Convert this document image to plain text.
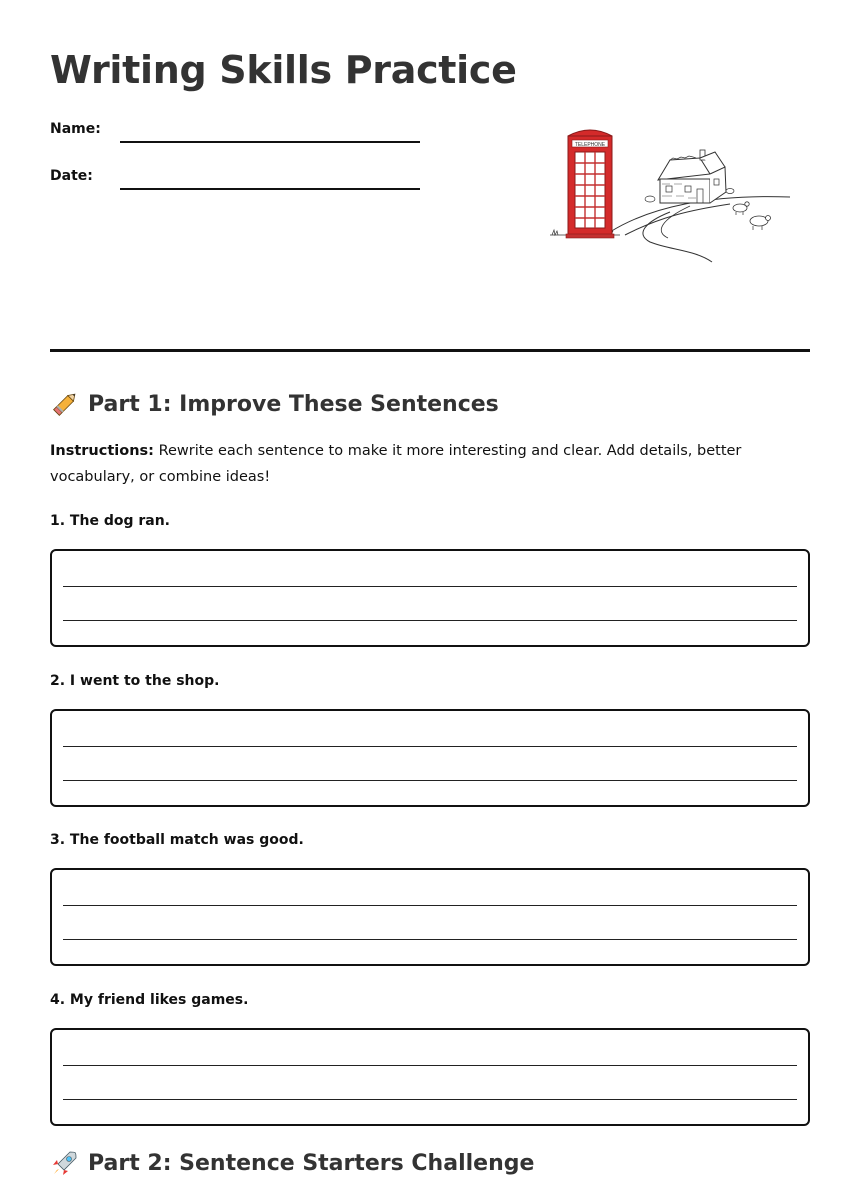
Writing Skills Practice
Name:
Date:
TELEPHONE
Part 1: Improve These Sentences
Instructions: Rewrite each sentence to make it more interesting and clear. Add details, better vocabulary, or combine ideas!
1. The dog ran.
2. I went to the shop.
3. The football match was good.
4. My friend likes games.
Part 2: Sentence Starters Challenge
